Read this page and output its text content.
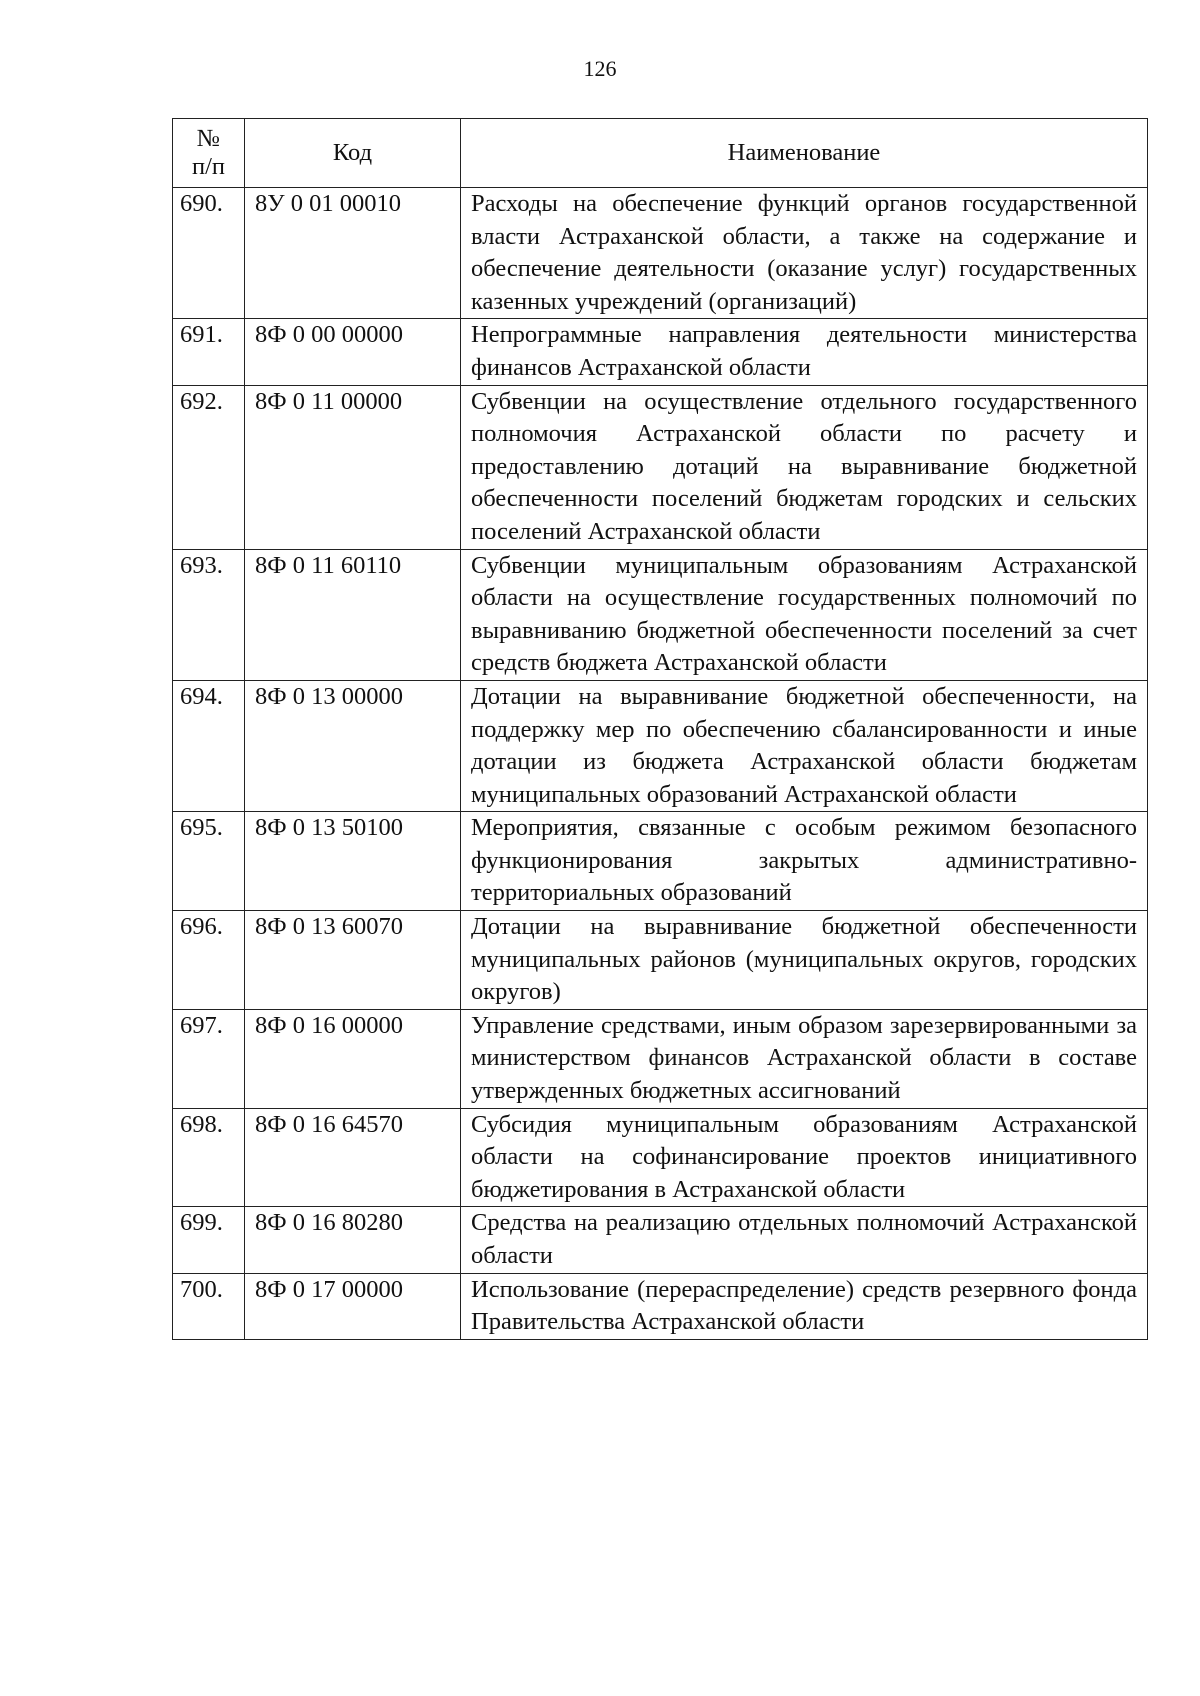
126
№
п/п	Код	Наименование
690.	8У 0 01 00010	Расходы на обеспечение функций органов государственной власти Астраханской области, а также на содержание и обеспечение деятельности (оказание услуг) государственных казенных учреждений (организаций)
691.	8Ф 0 00 00000	Непрограммные направления деятельности министерства финансов Астраханской области
692.	8Ф 0 11 00000	Субвенции на осуществление отдельного государственного полномочия Астраханской области по расчету и предоставлению дотаций на выравнивание бюджетной обеспеченности поселений бюджетам городских и сельских поселений Астраханской области
693.	8Ф 0 11 60110	Субвенции муниципальным образованиям Астраханской области на осуществление государственных полномочий по выравниванию бюджетной обеспеченности поселений за счет средств бюджета Астраханской области
694.	8Ф 0 13 00000	Дотации на выравнивание бюджетной обеспеченности, на поддержку мер по обеспечению сбалансированности и иные дотации из бюджета Астраханской области бюджетам муниципальных образований Астраханской области
695.	8Ф 0 13 50100	Мероприятия, связанные с особым режимом безопасного функционирования закрытых административно-территориальных образований
696.	8Ф 0 13 60070	Дотации на выравнивание бюджетной обеспеченности муниципальных районов (муниципальных округов, городских округов)
697.	8Ф 0 16 00000	Управление средствами, иным образом зарезервированными за министерством финансов Астраханской области в составе утвержденных бюджетных ассигнований
698.	8Ф 0 16 64570	Субсидия муниципальным образованиям Астраханской области на софинансирование проектов инициативного бюджетирования в Астраханской области
699.	8Ф 0 16 80280	Средства на реализацию отдельных полномочий Астраханской области
700.	8Ф 0 17 00000	Использование (перераспределение) средств резервного фонда Правительства Астраханской области
